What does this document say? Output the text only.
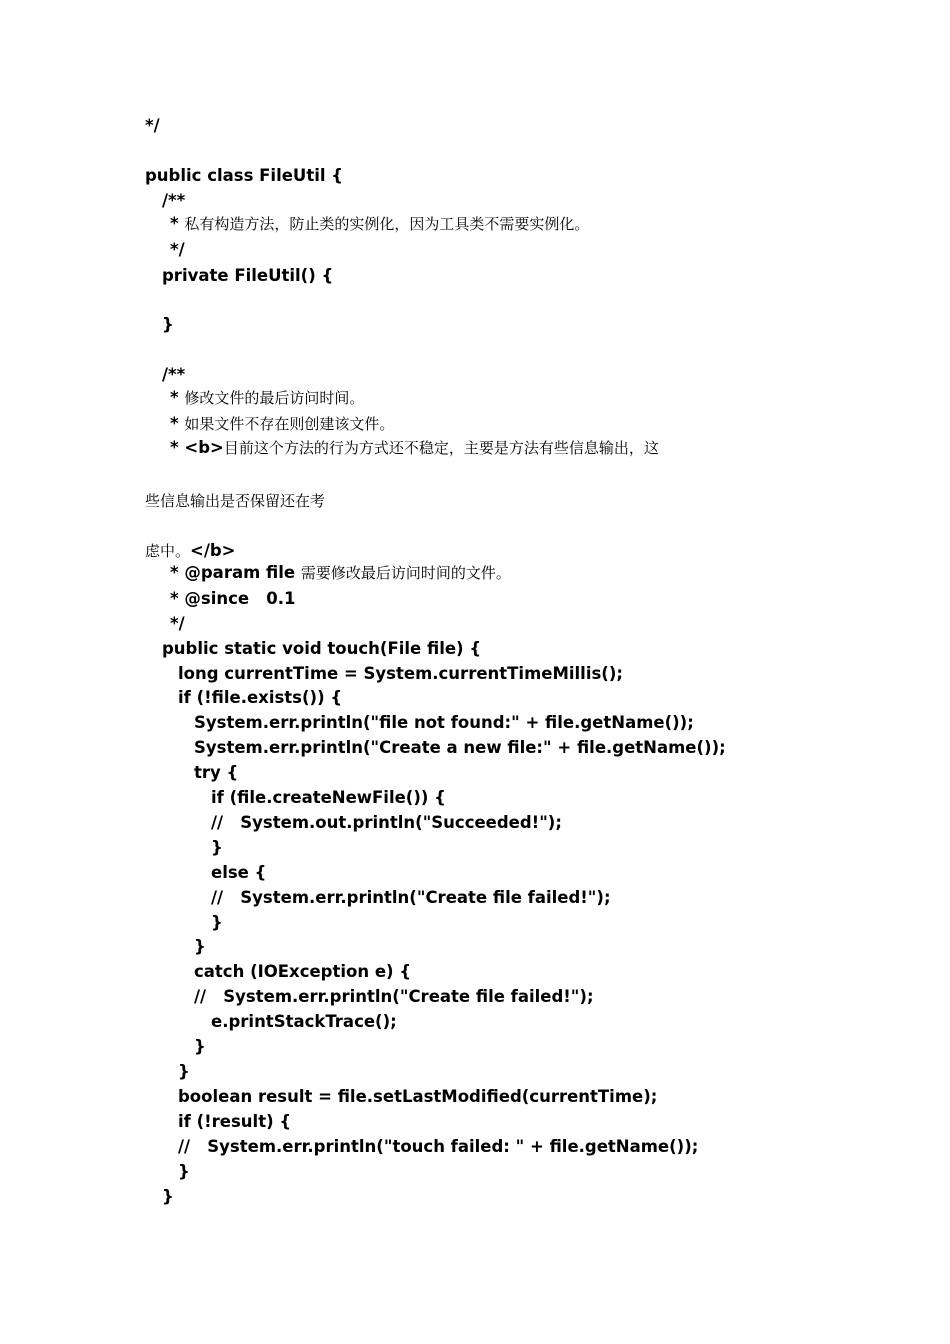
*/
public class FileUtil {
/**
* 私有构造方法，防止类的实例化，因为工具类不需要实例化。
*/
private FileUtil() {
}
/**
* 修改文件的最后访问时间。
* 如果文件不存在则创建该文件。
* <b>目前这个方法的行为方式还不稳定，主要是方法有些信息输出，这
些信息输出是否保留还在考
虑中。</b>
* @param file 需要修改最后访问时间的文件。
* @since   0.1
*/
public static void touch(File file) {
long currentTime = System.currentTimeMillis();
if (!file.exists()) {
System.err.println("file not found:" + file.getName());
System.err.println("Create a new file:" + file.getName());
try {
if (file.createNewFile()) {
//   System.out.println("Succeeded!");
}
else {
//   System.err.println("Create file failed!");
}
}
catch (IOException e) {
//   System.err.println("Create file failed!");
e.printStackTrace();
}
}
boolean result = file.setLastModified(currentTime);
if (!result) {
//   System.err.println("touch failed: " + file.getName());
}
}
